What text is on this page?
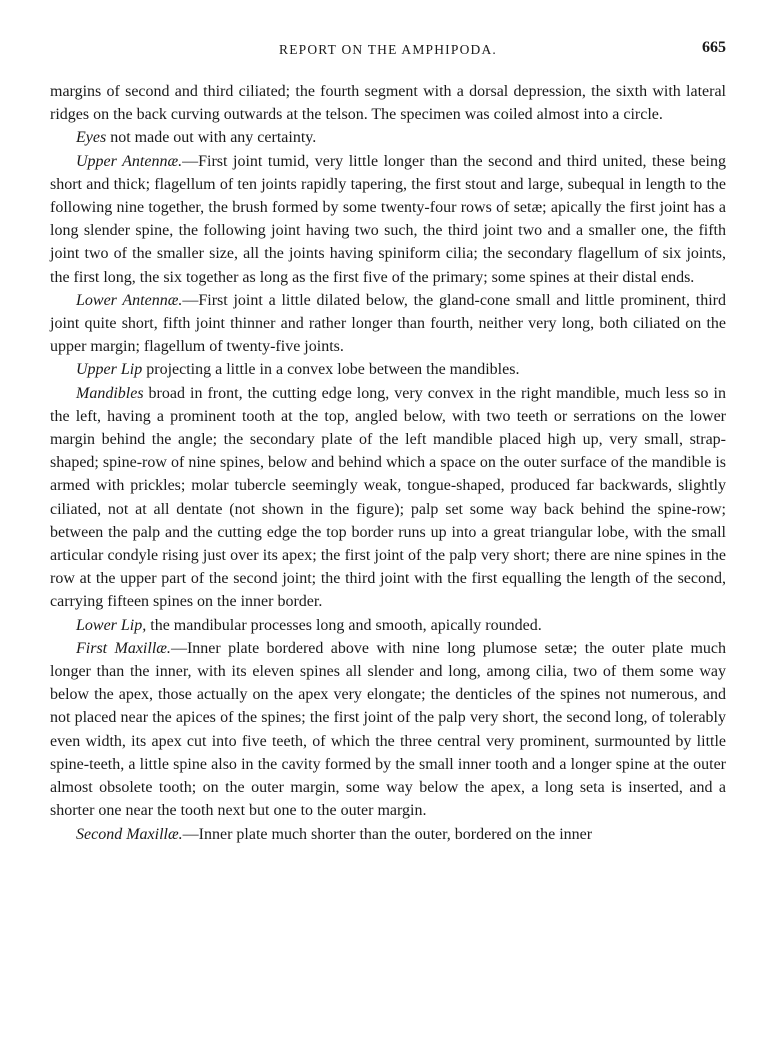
REPORT ON THE AMPHIPODA.	665

margins of second and third ciliated; the fourth segment with a dorsal depression, the sixth with lateral ridges on the back curving outwards at the telson. The specimen was coiled almost into a circle.

Eyes not made out with any certainty.

Upper Antennæ.—First joint tumid, very little longer than the second and third united, these being short and thick; flagellum of ten joints rapidly tapering, the first stout and large, subequal in length to the following nine together, the brush formed by some twenty-four rows of setæ; apically the first joint has a long slender spine, the following joint having two such, the third joint two and a smaller one, the fifth joint two of the smaller size, all the joints having spiniform cilia; the secondary flagellum of six joints, the first long, the six together as long as the first five of the primary; some spines at their distal ends.

Lower Antennæ.—First joint a little dilated below, the gland-cone small and little prominent, third joint quite short, fifth joint thinner and rather longer than fourth, neither very long, both ciliated on the upper margin; flagellum of twenty-five joints.

Upper Lip projecting a little in a convex lobe between the mandibles.

Mandibles broad in front, the cutting edge long, very convex in the right mandible, much less so in the left, having a prominent tooth at the top, angled below, with two teeth or serrations on the lower margin behind the angle; the secondary plate of the left mandible placed high up, very small, strap-shaped; spine-row of nine spines, below and behind which a space on the outer surface of the mandible is armed with prickles; molar tubercle seemingly weak, tongue-shaped, produced far backwards, slightly ciliated, not at all dentate (not shown in the figure); palp set some way back behind the spine-row; between the palp and the cutting edge the top border runs up into a great triangular lobe, with the small articular condyle rising just over its apex; the first joint of the palp very short; there are nine spines in the row at the upper part of the second joint; the third joint with the first equalling the length of the second, carrying fifteen spines on the inner border.

Lower Lip, the mandibular processes long and smooth, apically rounded.

First Maxillæ.—Inner plate bordered above with nine long plumose setæ; the outer plate much longer than the inner, with its eleven spines all slender and long, among cilia, two of them some way below the apex, those actually on the apex very elongate; the denticles of the spines not numerous, and not placed near the apices of the spines; the first joint of the palp very short, the second long, of tolerably even width, its apex cut into five teeth, of which the three central very prominent, surmounted by little spine-teeth, a little spine also in the cavity formed by the small inner tooth and a longer spine at the outer almost obsolete tooth; on the outer margin, some way below the apex, a long seta is inserted, and a shorter one near the tooth next but one to the outer margin.

Second Maxillæ.—Inner plate much shorter than the outer, bordered on the inner
